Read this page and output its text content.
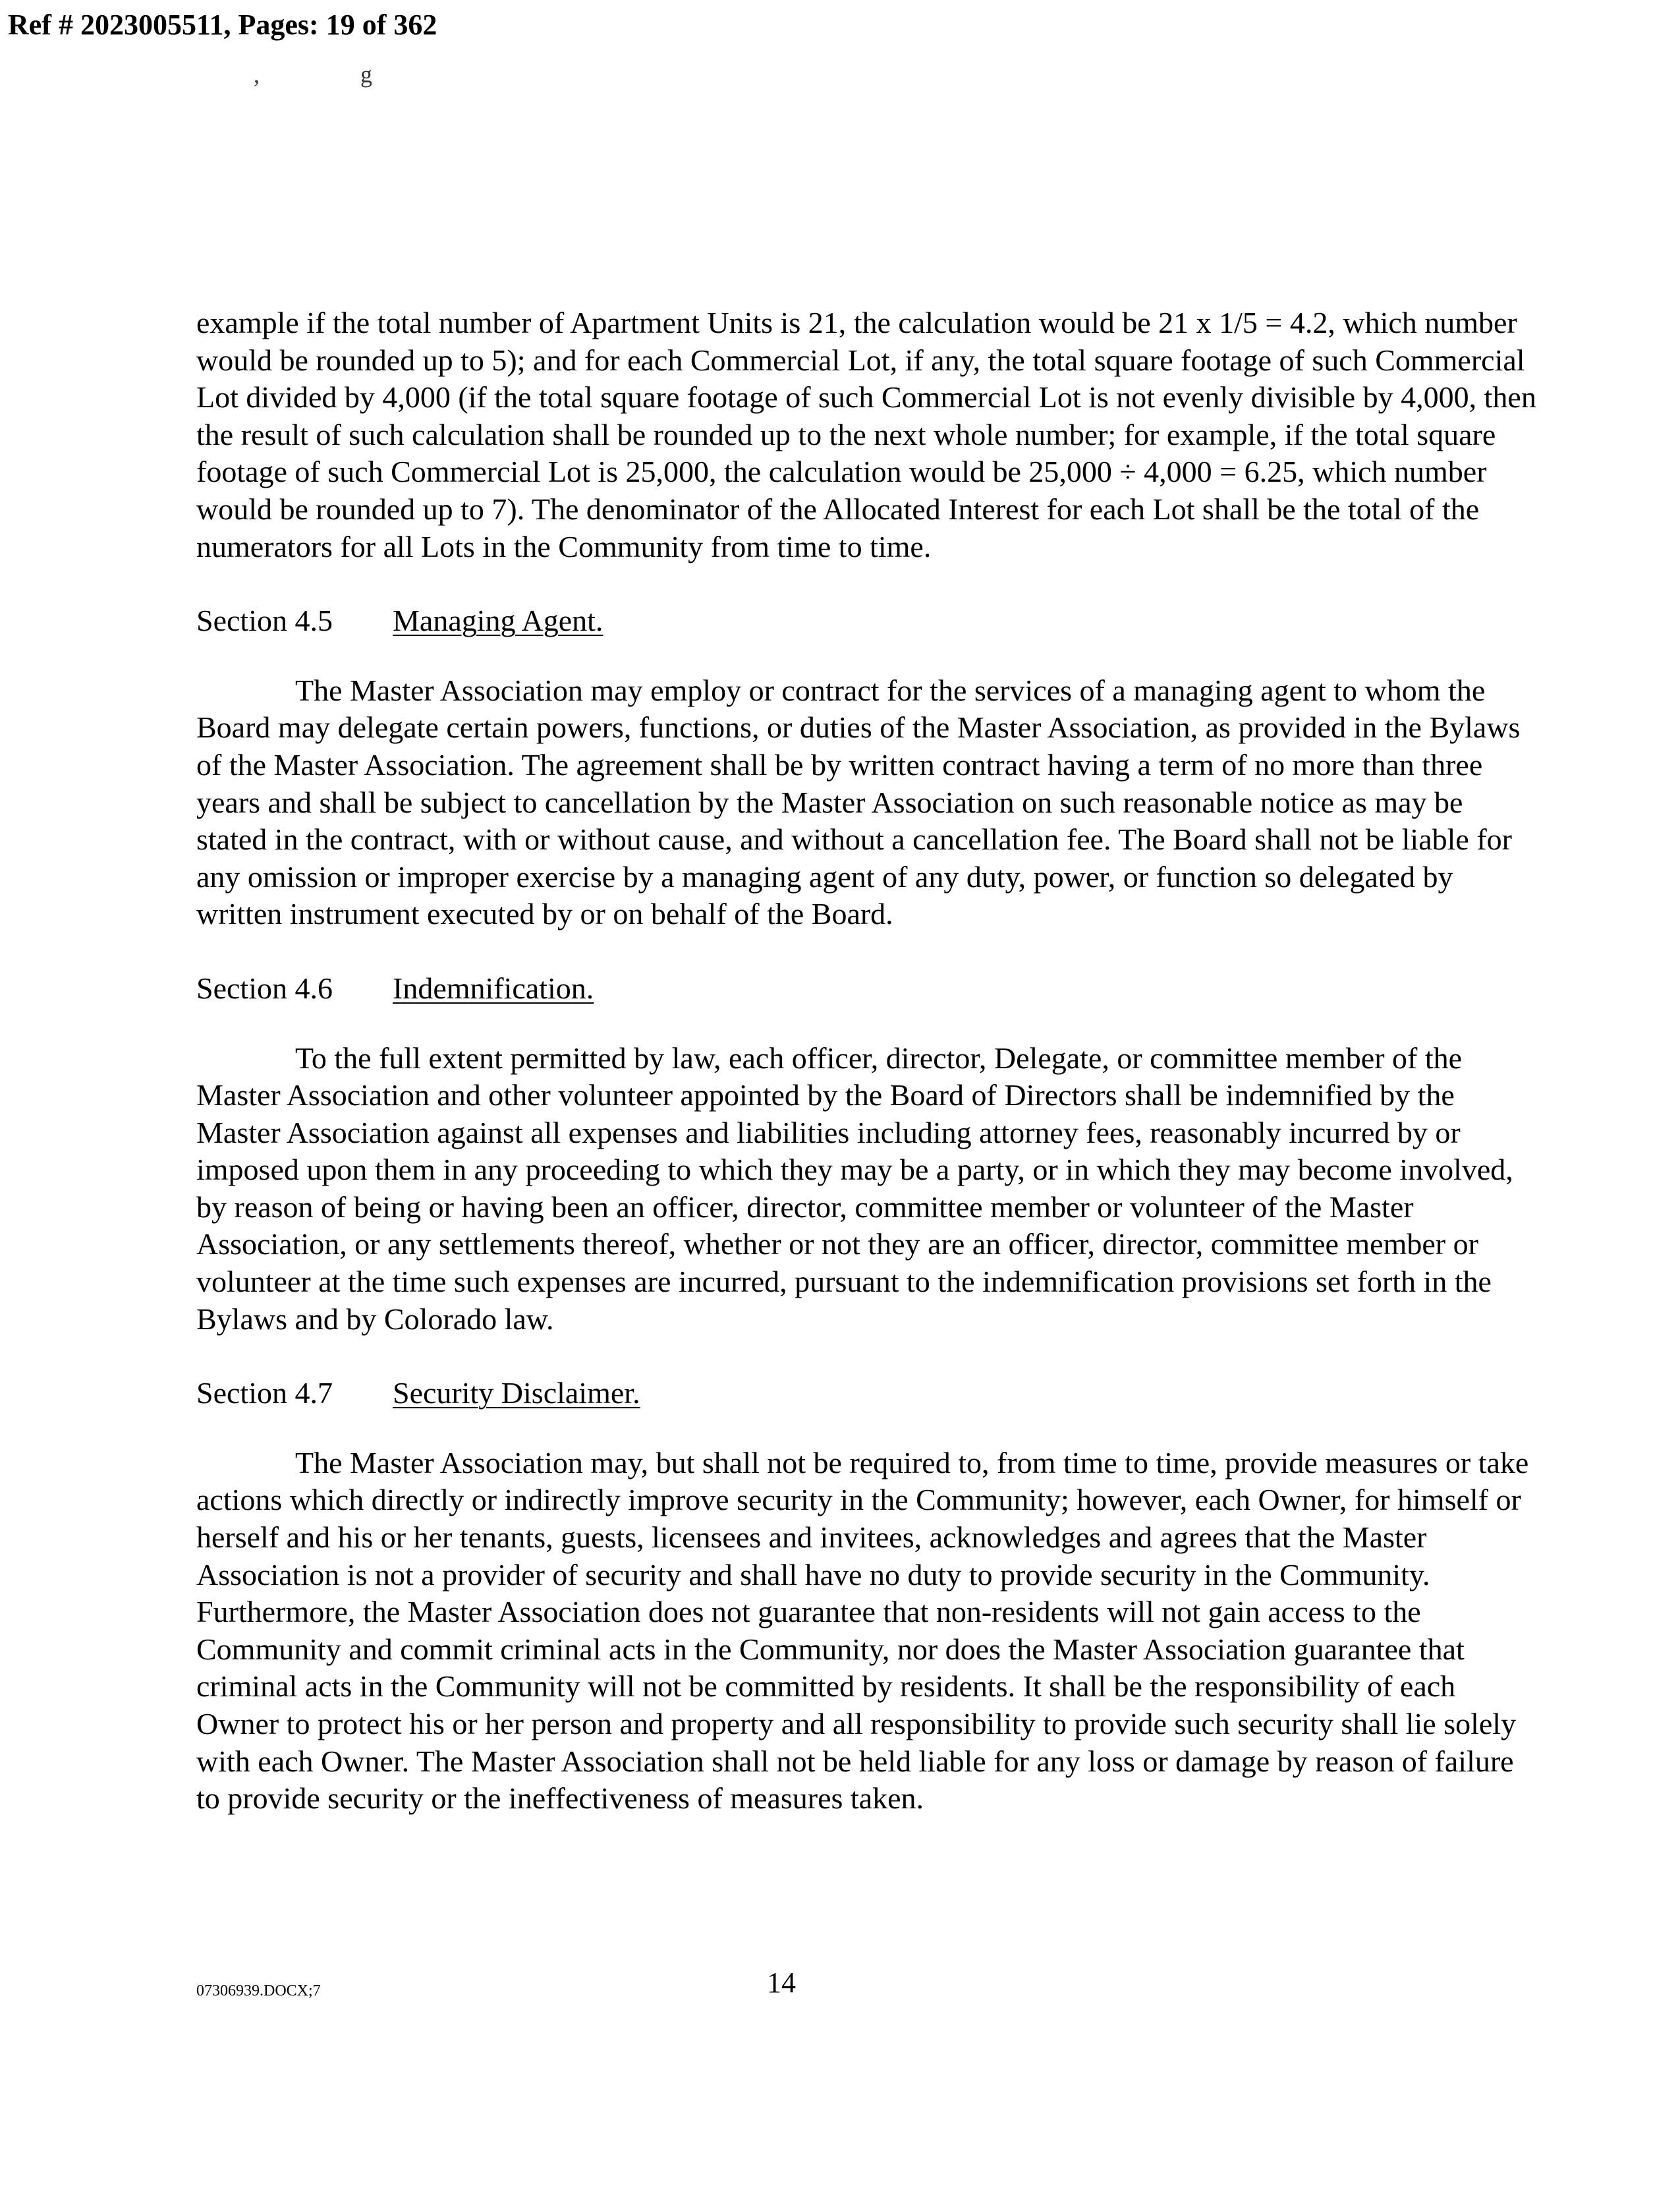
Ref # 2023005511, Pages: 19 of 362
, g

example if the total number of Apartment Units is 21, the calculation would be 21 x 1/5 = 4.2, which number would be rounded up to 5); and for each Commercial Lot, if any, the total square footage of such Commercial Lot divided by 4,000 (if the total square footage of such Commercial Lot is not evenly divisible by 4,000, then the result of such calculation shall be rounded up to the next whole number; for example, if the total square footage of such Commercial Lot is 25,000, the calculation would be 25,000 ÷ 4,000 = 6.25, which number would be rounded up to 7). The denominator of the Allocated Interest for each Lot shall be the total of the numerators for all Lots in the Community from time to time.

Section 4.5 Managing Agent.

The Master Association may employ or contract for the services of a managing agent to whom the Board may delegate certain powers, functions, or duties of the Master Association, as provided in the Bylaws of the Master Association. The agreement shall be by written contract having a term of no more than three years and shall be subject to cancellation by the Master Association on such reasonable notice as may be stated in the contract, with or without cause, and without a cancellation fee. The Board shall not be liable for any omission or improper exercise by a managing agent of any duty, power, or function so delegated by written instrument executed by or on behalf of the Board.

Section 4.6 Indemnification.

To the full extent permitted by law, each officer, director, Delegate, or committee member of the Master Association and other volunteer appointed by the Board of Directors shall be indemnified by the Master Association against all expenses and liabilities including attorney fees, reasonably incurred by or imposed upon them in any proceeding to which they may be a party, or in which they may become involved, by reason of being or having been an officer, director, committee member or volunteer of the Master Association, or any settlements thereof, whether or not they are an officer, director, committee member or volunteer at the time such expenses are incurred, pursuant to the indemnification provisions set forth in the Bylaws and by Colorado law.

Section 4.7 Security Disclaimer.

The Master Association may, but shall not be required to, from time to time, provide measures or take actions which directly or indirectly improve security in the Community; however, each Owner, for himself or herself and his or her tenants, guests, licensees and invitees, acknowledges and agrees that the Master Association is not a provider of security and shall have no duty to provide security in the Community. Furthermore, the Master Association does not guarantee that non-residents will not gain access to the Community and commit criminal acts in the Community, nor does the Master Association guarantee that criminal acts in the Community will not be committed by residents. It shall be the responsibility of each Owner to protect his or her person and property and all responsibility to provide such security shall lie solely with each Owner. The Master Association shall not be held liable for any loss or damage by reason of failure to provide security or the ineffectiveness of measures taken.

07306939.DOCX;7	14
